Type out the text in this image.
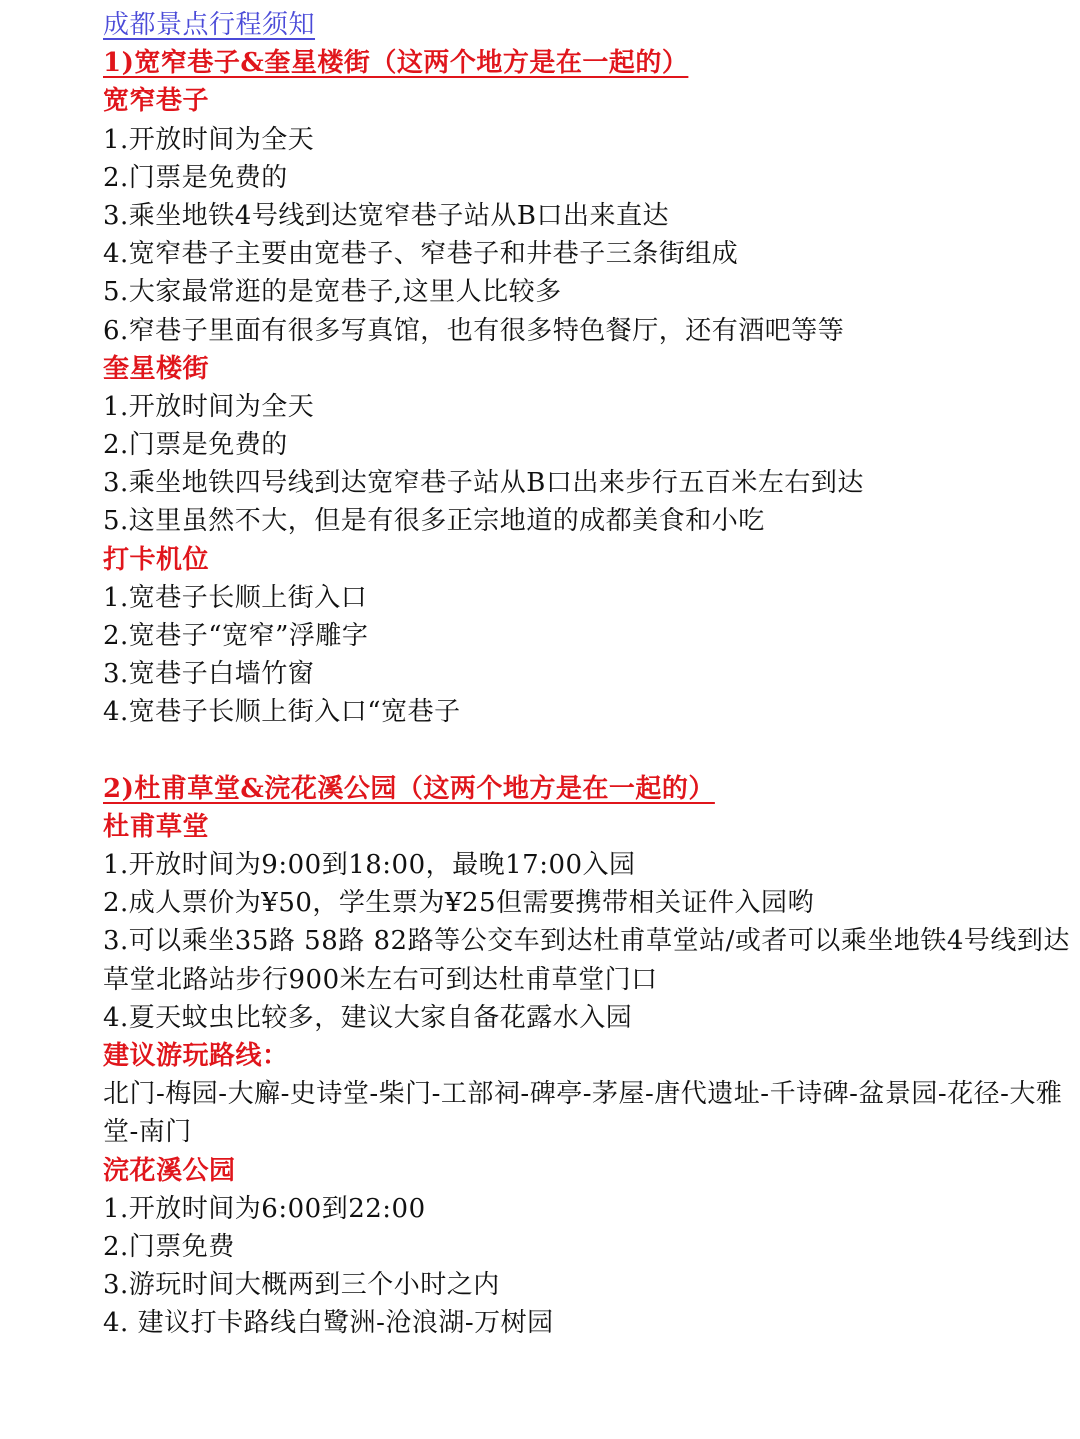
成都景点行程须知
1)宽窄巷子&奎星楼街（这两个地方是在一起的）
宽窄巷子
1.开放时间为全天
2.门票是免费的
3.乘坐地铁4号线到达宽窄巷子站从B口出来直达
4.宽窄巷子主要由宽巷子、窄巷子和井巷子三条街组成
5.大家最常逛的是宽巷子,这里人比较多
6.窄巷子里面有很多写真馆，也有很多特色餐厅，还有酒吧等等
奎星楼街
1.开放时间为全天
2.门票是免费的
3.乘坐地铁四号线到达宽窄巷子站从B口出来步行五百米左右到达
5.这里虽然不大，但是有很多正宗地道的成都美食和小吃
打卡机位
1.宽巷子长顺上街入口
2.宽巷子“宽窄”浮雕字
3.宽巷子白墙竹窗
4.宽巷子长顺上街入口“宽巷子
2)杜甫草堂&浣花溪公园（这两个地方是在一起的）
杜甫草堂
1.开放时间为9:00到18:00，最晚17:00入园
2.成人票价为¥50，学生票为¥25但需要携带相关证件入园哟
3.可以乘坐35路 58路 82路等公交车到达杜甫草堂站/或者可以乘坐地铁4号线到达草堂北路站步行900米左右可到达杜甫草堂门口
4.夏天蚊虫比较多，建议大家自备花露水入园
建议游玩路线：
北门-梅园-大廨-史诗堂-柴门-工部祠-碑亭-茅屋-唐代遗址-千诗碑-盆景园-花径-大雅堂-南门
浣花溪公园
1.开放时间为6:00到22:00
2.门票免费
3.游玩时间大概两到三个小时之内
4. 建议打卡路线白鹭洲-沧浪湖-万树园
